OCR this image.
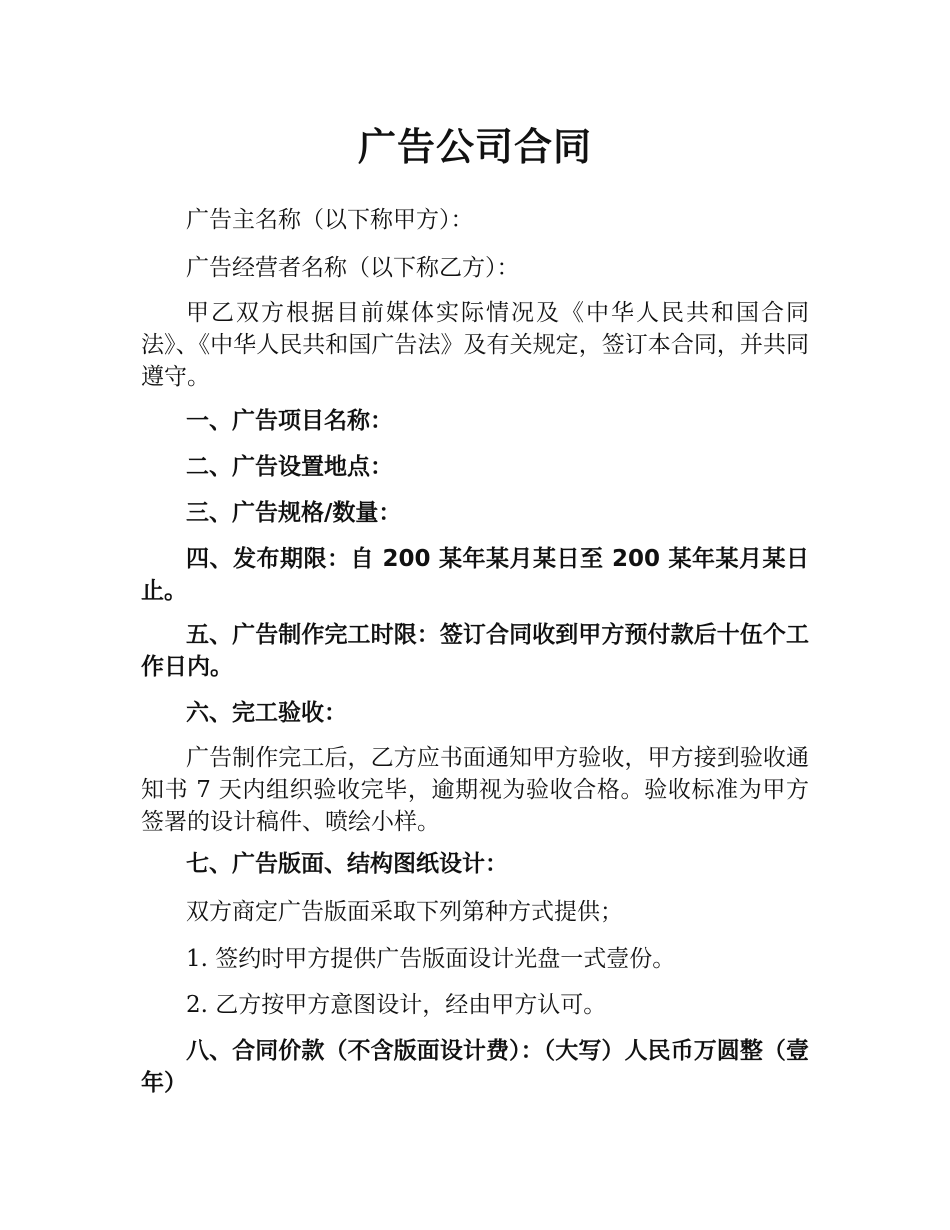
广告公司合同

广告主名称（以下称甲方）：

广告经营者名称（以下称乙方）：

甲乙双方根据目前媒体实际情况及《中华人民共和国合同法》、《中华人民共和国广告法》及有关规定，签订本合同，并共同遵守。

一、广告项目名称：

二、广告设置地点：

三、广告规格/数量：

四、发布期限：自 200 某年某月某日至 200 某年某月某日止。

五、广告制作完工时限：签订合同收到甲方预付款后十伍个工作日内。

六、完工验收：

广告制作完工后，乙方应书面通知甲方验收，甲方接到验收通知书 7 天内组织验收完毕，逾期视为验收合格。验收标准为甲方签署的设计稿件、喷绘小样。

七、广告版面、结构图纸设计：

双方商定广告版面采取下列第种方式提供；

1. 签约时甲方提供广告版面设计光盘一式壹份。

2. 乙方按甲方意图设计，经由甲方认可。

八、合同价款（不含版面设计费）：（大写）人民币万圆整（壹年）
